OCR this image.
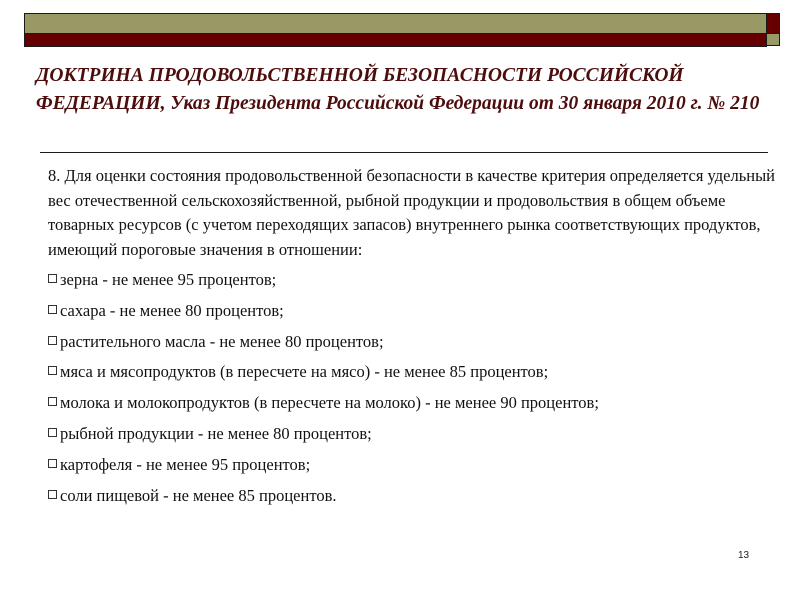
ДОКТРИНА ПРОДОВОЛЬСТВЕННОЙ БЕЗОПАСНОСТИ РОССИЙСКОЙ ФЕДЕРАЦИИ, Указ Президента Российской Федерации от 30 января 2010 г. № 210

8. Для оценки состояния продовольственной безопасности в качестве критерия определяется удельный вес отечественной сельскохозяйственной, рыбной продукции и продовольствия в общем объеме товарных ресурсов (с учетом переходящих запасов) внутреннего рынка соответствующих продуктов, имеющий пороговые значения в отношении:

зерна - не менее 95 процентов;
сахара - не менее 80 процентов;
растительного масла - не менее 80 процентов;
мяса и мясопродуктов (в пересчете на мясо) - не менее 85 процентов;
молока и молокопродуктов (в пересчете на молоко) - не менее 90 процентов;
рыбной продукции - не менее 80 процентов;
картофеля - не менее 95 процентов;
соли пищевой - не менее 85 процентов.
13
